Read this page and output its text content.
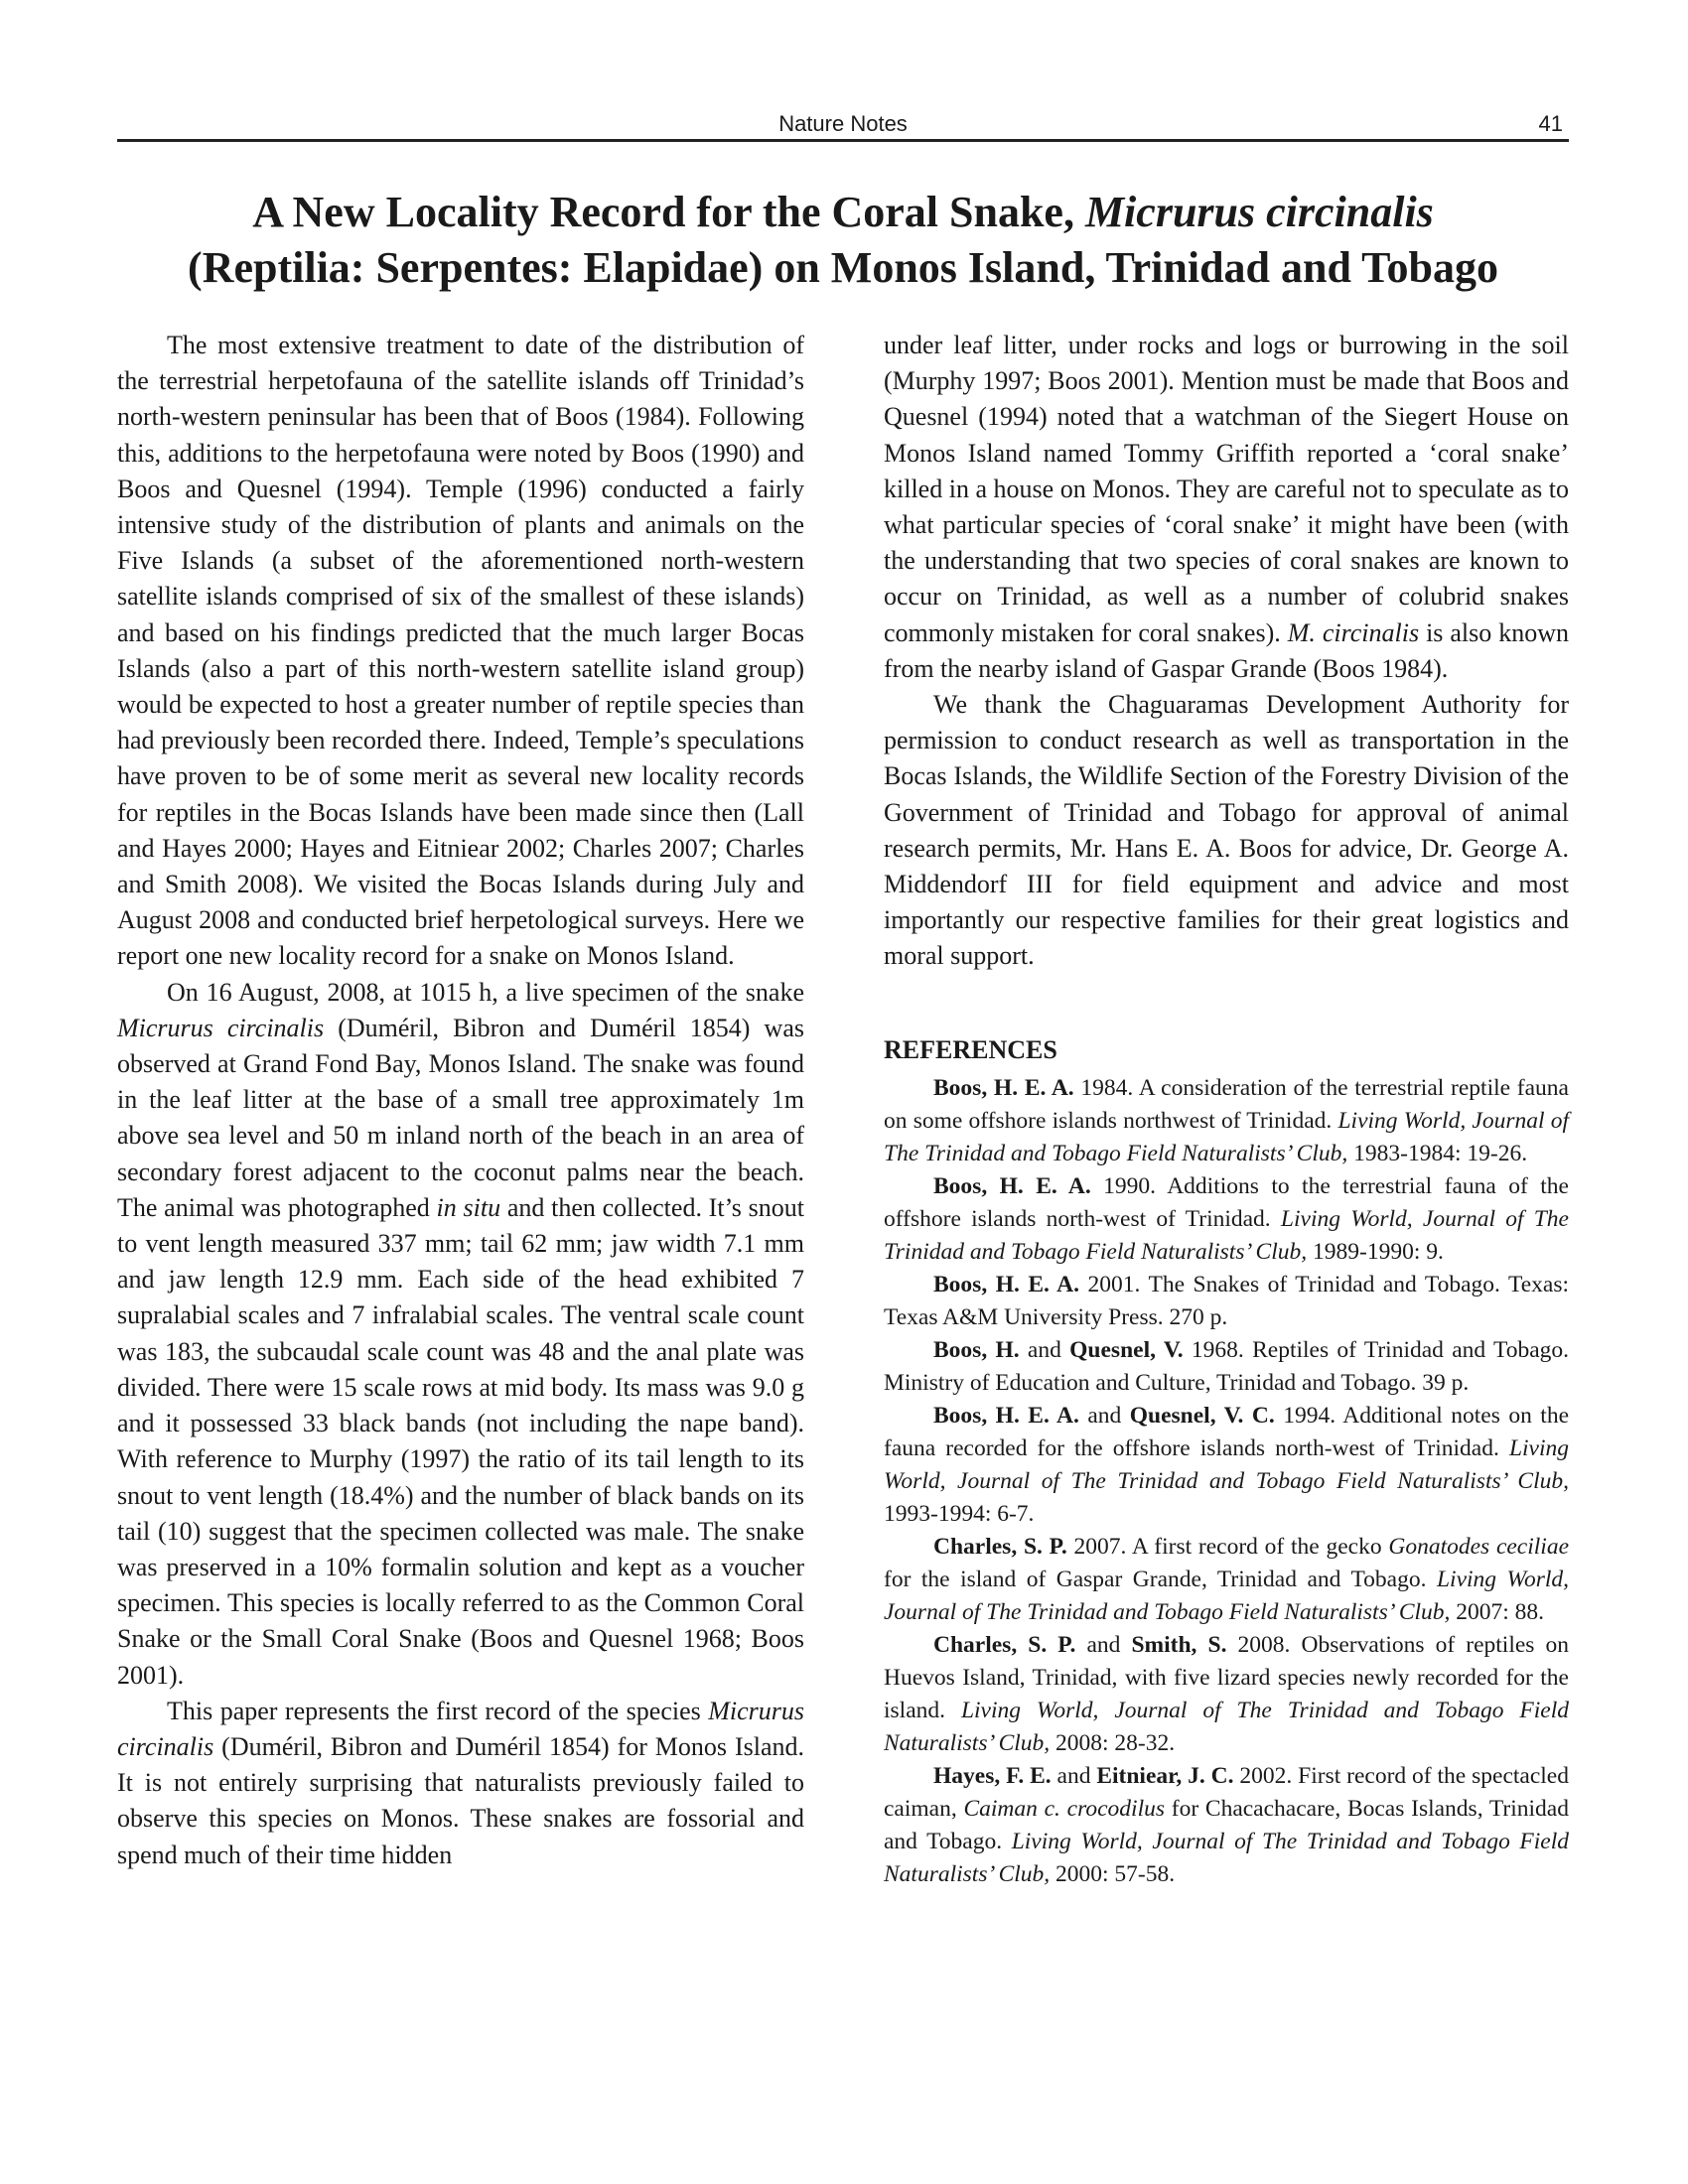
Nature Notes	41
A New Locality Record for the Coral Snake, Micrurus circinalis
(Reptilia: Serpentes: Elapidae) on Monos Island, Trinidad and Tobago

The most extensive treatment to date of the distribution of the terrestrial herpetofauna of the satellite islands off Trinidad’s north-western peninsular has been that of Boos (1984). Following this, additions to the herpetofauna were noted by Boos (1990) and Boos and Quesnel (1994). Temple (1996) conducted a fairly intensive study of the distribution of plants and animals on the Five Islands (a subset of the aforementioned north-western satellite islands comprised of six of the smallest of these islands) and based on his findings predicted that the much larger Bocas Islands (also a part of this north-western satellite island group) would be expected to host a greater number of reptile species than had previously been recorded there. Indeed, Temple’s speculations have proven to be of some merit as several new locality records for reptiles in the Bocas Islands have been made since then (Lall and Hayes 2000; Hayes and Eitniear 2002; Charles 2007; Charles and Smith 2008). We visited the Bocas Islands during July and August 2008 and conducted brief herpetological surveys. Here we report one new locality record for a snake on Monos Island.

On 16 August, 2008, at 1015 h, a live specimen of the snake Micrurus circinalis (Duméril, Bibron and Duméril 1854) was observed at Grand Fond Bay, Monos Island. The snake was found in the leaf litter at the base of a small tree approximately 1m above sea level and 50 m inland north of the beach in an area of secondary forest adjacent to the coconut palms near the beach. The animal was photographed in situ and then collected. It’s snout to vent length measured 337 mm; tail 62 mm; jaw width 7.1 mm and jaw length 12.9 mm. Each side of the head exhibited 7 supralabial scales and 7 infralabial scales. The ventral scale count was 183, the subcaudal scale count was 48 and the anal plate was divided. There were 15 scale rows at mid body. Its mass was 9.0 g and it possessed 33 black bands (not including the nape band). With reference to Murphy (1997) the ratio of its tail length to its snout to vent length (18.4%) and the number of black bands on its tail (10) suggest that the specimen collected was male. The snake was preserved in a 10% formalin solution and kept as a voucher specimen. This species is locally referred to as the Common Coral Snake or the Small Coral Snake (Boos and Quesnel 1968; Boos 2001).

This paper represents the first record of the species Micrurus circinalis (Duméril, Bibron and Duméril 1854) for Monos Island. It is not entirely surprising that naturalists previously failed to observe this species on Monos. These snakes are fossorial and spend much of their time hidden

under leaf litter, under rocks and logs or burrowing in the soil (Murphy 1997; Boos 2001). Mention must be made that Boos and Quesnel (1994) noted that a watchman of the Siegert House on Monos Island named Tommy Griffith reported a ‘coral snake’ killed in a house on Monos. They are careful not to speculate as to what particular species of ‘coral snake’ it might have been (with the understanding that two species of coral snakes are known to occur on Trinidad, as well as a number of colubrid snakes commonly mistaken for coral snakes). M. circinalis is also known from the nearby island of Gaspar Grande (Boos 1984).

We thank the Chaguaramas Development Authority for permission to conduct research as well as transportation in the Bocas Islands, the Wildlife Section of the Forestry Division of the Government of Trinidad and Tobago for approval of animal research permits, Mr. Hans E. A. Boos for advice, Dr. George A. Middendorf III for field equipment and advice and most importantly our respective families for their great logistics and moral support.

REFERENCES

Boos, H. E. A. 1984. A consideration of the terrestrial reptile fauna on some offshore islands northwest of Trinidad. Living World, Journal of The Trinidad and Tobago Field Naturalists’ Club, 1983-1984: 19-26.

Boos, H. E. A. 1990. Additions to the terrestrial fauna of the offshore islands north-west of Trinidad. Living World, Journal of The Trinidad and Tobago Field Naturalists’ Club, 1989-1990: 9.

Boos, H. E. A. 2001. The Snakes of Trinidad and Tobago. Texas: Texas A&M University Press. 270 p.

Boos, H. and Quesnel, V. 1968. Reptiles of Trinidad and Tobago. Ministry of Education and Culture, Trinidad and Tobago. 39 p.

Boos, H. E. A. and Quesnel, V. C. 1994. Additional notes on the fauna recorded for the offshore islands north-west of Trinidad. Living World, Journal of The Trinidad and Tobago Field Naturalists’ Club, 1993-1994: 6-7.

Charles, S. P. 2007. A first record of the gecko Gonatodes ceciliae for the island of Gaspar Grande, Trinidad and Tobago. Living World, Journal of The Trinidad and Tobago Field Naturalists’ Club, 2007: 88.

Charles, S. P. and Smith, S. 2008. Observations of reptiles on Huevos Island, Trinidad, with five lizard species newly recorded for the island. Living World, Journal of The Trinidad and Tobago Field Naturalists’ Club, 2008: 28-32.

Hayes, F. E. and Eitniear, J. C. 2002. First record of the spectacled caiman, Caiman c. crocodilus for Chacachacare, Bocas Islands, Trinidad and Tobago. Living World, Journal of The Trinidad and Tobago Field Naturalists’ Club, 2000: 57-58.
